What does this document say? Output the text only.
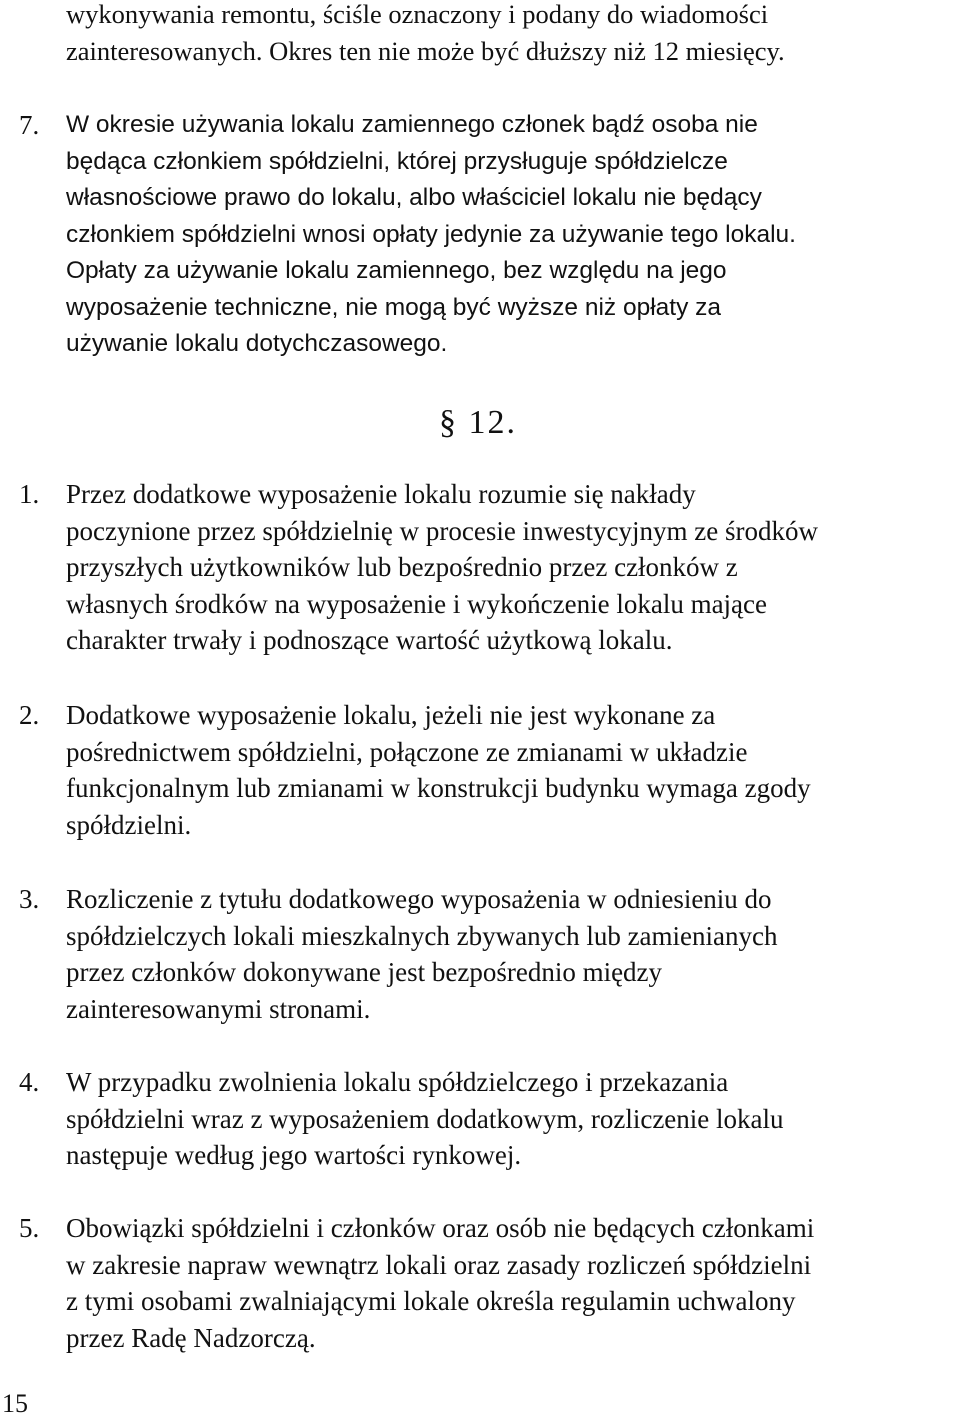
wykonywania remontu, ściśle oznaczony i podany do wiadomości
zainteresowanych. Okres ten nie może być dłuższy niż 12 miesięcy.
7. W okresie używania lokalu zamiennego członek bądź osoba nie
będąca członkiem spółdzielni, której przysługuje spółdzielcze
własnościowe prawo do lokalu, albo właściciel lokalu nie będący
członkiem spółdzielni wnosi opłaty jedynie za używanie tego lokalu.
Opłaty za używanie lokalu zamiennego, bez względu na jego
wyposażenie techniczne, nie mogą być wyższe niż opłaty za
używanie lokalu dotychczasowego.
§ 12.
1. Przez dodatkowe wyposażenie lokalu rozumie się nakłady
poczynione przez spółdzielnię w procesie inwestycyjnym ze środków
przyszłych użytkowników lub bezpośrednio przez członków z
własnych środków na wyposażenie i wykończenie lokalu mające
charakter trwały i podnoszące wartość użytkową lokalu.
2. Dodatkowe wyposażenie lokalu, jeżeli nie jest wykonane za
pośrednictwem spółdzielni, połączone ze zmianami w układzie
funkcjonalnym lub zmianami w konstrukcji budynku wymaga zgody
spółdzielni.
3. Rozliczenie z tytułu dodatkowego wyposażenia w odniesieniu do
spółdzielczych lokali mieszkalnych zbywanych lub zamienianych
przez członków dokonywane jest bezpośrednio między
zainteresowanymi stronami.
4. W przypadku zwolnienia lokalu spółdzielczego i przekazania
spółdzielni wraz z wyposażeniem dodatkowym, rozliczenie lokalu
następuje według jego wartości rynkowej.
5. Obowiązki spółdzielni i członków oraz osób nie będących członkami
w zakresie napraw wewnątrz lokali oraz zasady rozliczeń spółdzielni
z tymi osobami zwalniającymi lokale określa regulamin uchwalony
przez Radę Nadzorczą.
15
